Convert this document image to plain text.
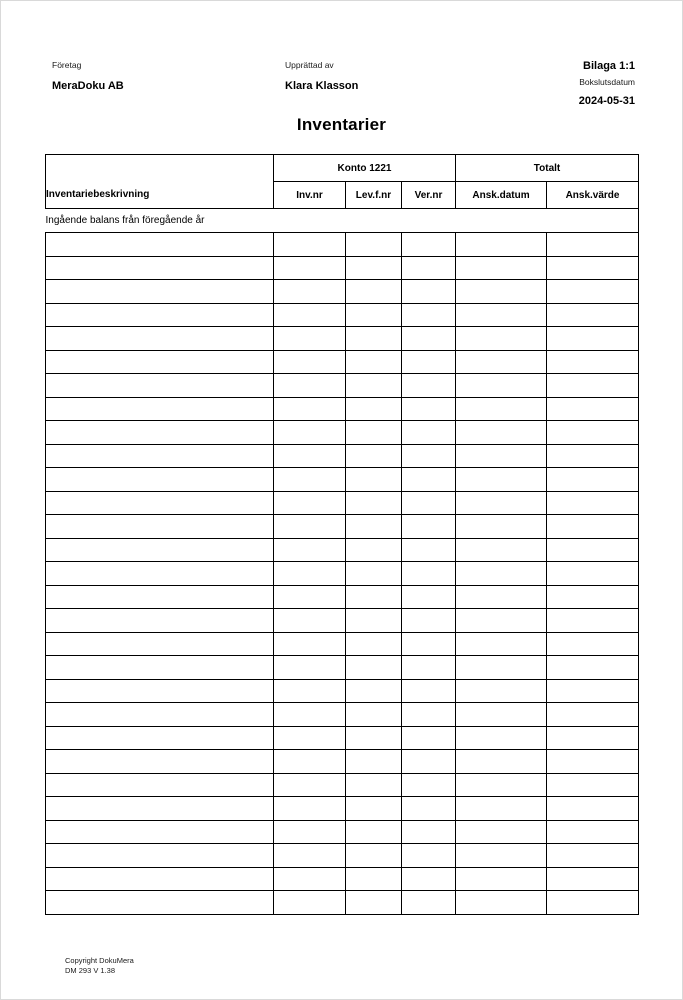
Företag
MeraDoku AB
Upprättad av
Klara Klasson
Bilaga 1:1
Bokslutsdatum
2024-05-31
Inventarier
	Konto 1221			Totalt	
Inventariebeskrivning	Inv.nr	Lev.f.nr	Ver.nr	Ansk.datum	Ansk.värde
Ingående balans från föregående år					

Copyright DokuMera
DM 293 V 1.38
